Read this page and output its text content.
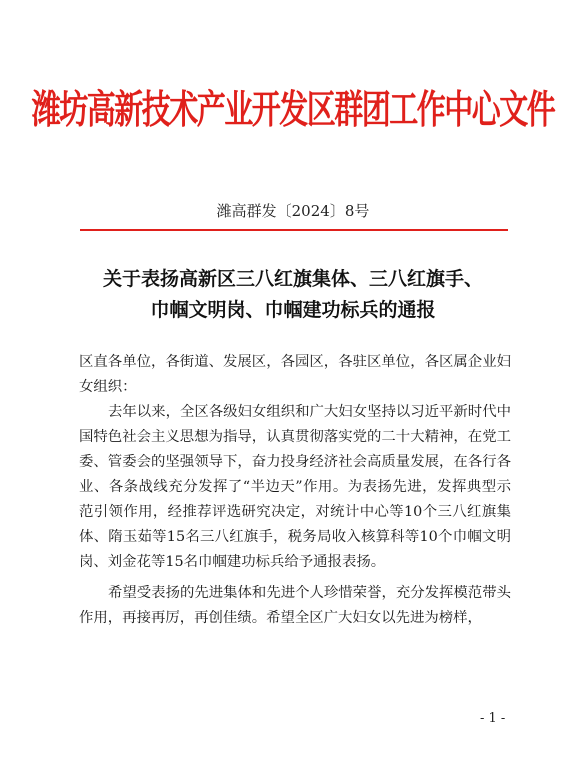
潍坊高新技术产业开发区群团工作中心文件
潍高群发〔2024〕8号
关于表扬高新区三八红旗集体、三八红旗手、
巾帼文明岗、巾帼建功标兵的通报

区直各单位，各街道、发展区，各园区，各驻区单位，各区属企业妇女组织：

去年以来，全区各级妇女组织和广大妇女坚持以习近平新时代中国特色社会主义思想为指导，认真贯彻落实党的二十大精神，在党工委、管委会的坚强领导下，奋力投身经济社会高质量发展，在各行各业、各条战线充分发挥了“半边天”作用。为表扬先进，发挥典型示范引领作用，经推荐评选研究决定，对统计中心等10个三八红旗集体、隋玉茹等15名三八红旗手，税务局收入核算科等10个巾帼文明岗、刘金花等15名巾帼建功标兵给予通报表扬。

希望受表扬的先进集体和先进个人珍惜荣誉，充分发挥模范带头作用，再接再厉，再创佳绩。希望全区广大妇女以先进为榜样，

- 1 -
